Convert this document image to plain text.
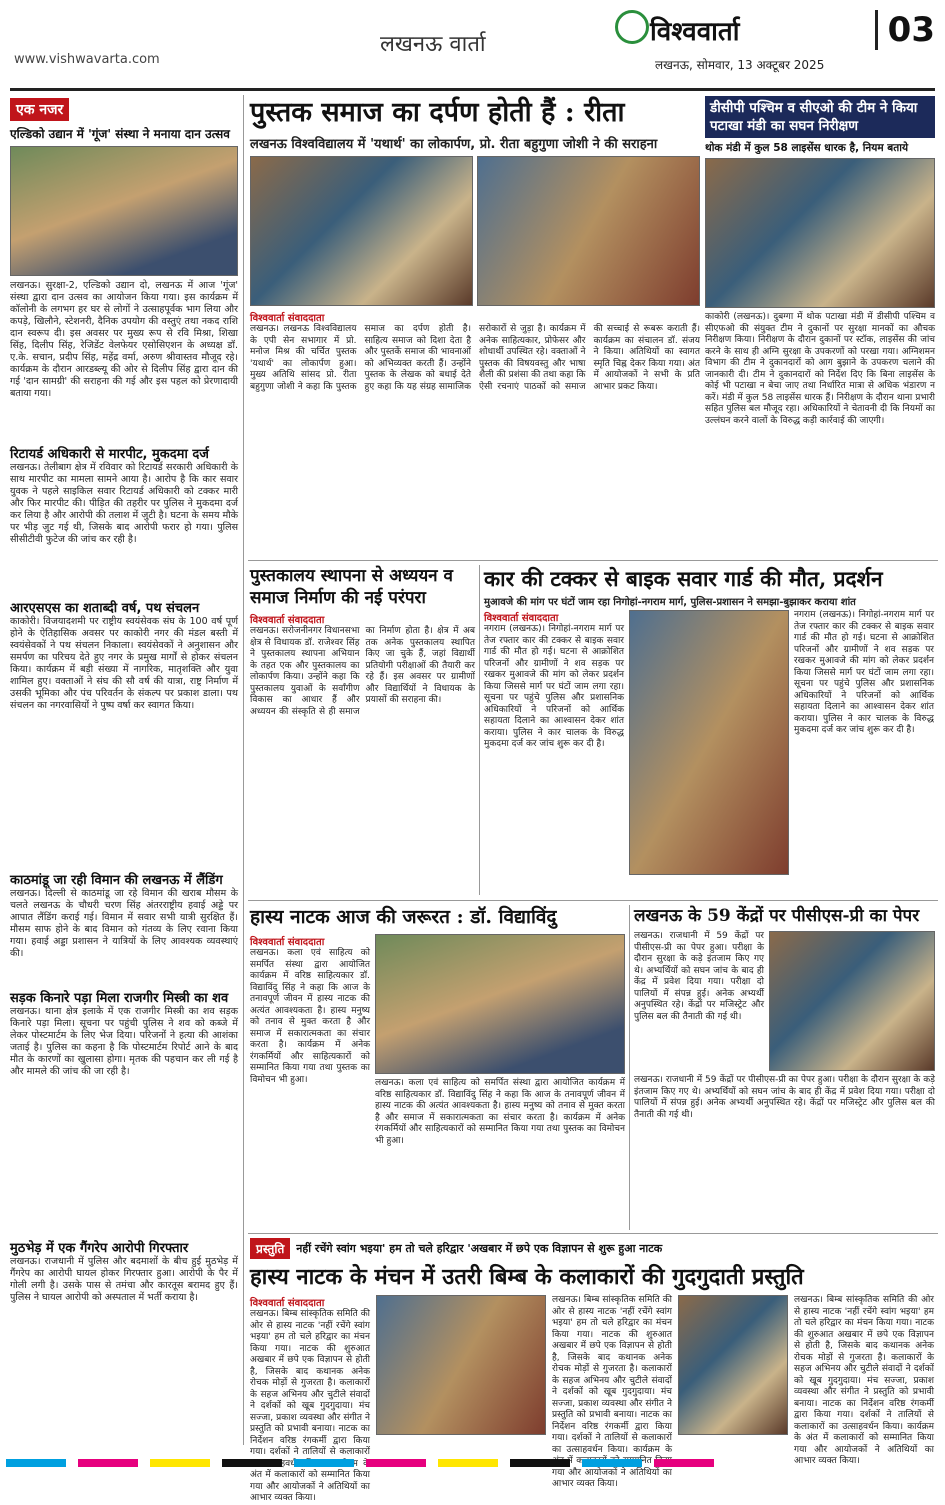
लखनऊ वार्ता
www.vishwavarta.com
विश्ववार्ता
लखनऊ, सोमवार, 13 अक्टूबर 2025
03
एक नजर
एल्डिको उद्यान में 'गूंज' संस्था ने मनाया दान उत्सव
लखनऊ। सुरक्षा-2, एल्डिको उद्यान दो, लखनऊ में आज 'गूंज' संस्था द्वारा दान उत्सव का आयोजन किया गया। इस कार्यक्रम में कॉलोनी के लगभग हर घर से लोगों ने उत्साहपूर्वक भाग लिया और कपड़े, खिलौने, स्टेशनरी, दैनिक उपयोग की वस्तुएं तथा नकद राशि दान स्वरूप दी। इस अवसर पर मुख्य रूप से रवि मिश्रा, शिखा सिंह, दिलीप सिंह, रेजिडेंट वेलफेयर एसोसिएशन के अध्यक्ष डॉ. ए.के. सचान, प्रदीप सिंह, महेंद्र वर्मा, अरुण श्रीवास्तव मौजूद रहे। कार्यक्रम के दौरान आरडब्ल्यू की ओर से दिलीप सिंह द्वारा दान की गई 'दान सामग्री' की सराहना की गई और इस पहल को प्रेरणादायी बताया गया।
रिटायर्ड अधिकारी से मारपीट, मुकदमा दर्ज
लखनऊ। तेलीबाग क्षेत्र में रविवार को रिटायर्ड सरकारी अधिकारी के साथ मारपीट का मामला सामने आया है। आरोप है कि कार सवार युवक ने पहले साइकिल सवार रिटायर्ड अधिकारी को टक्कर मारी और फिर मारपीट की। पीड़ित की तहरीर पर पुलिस ने मुकदमा दर्ज कर लिया है और आरोपी की तलाश में जुटी है। घटना के समय मौके पर भीड़ जुट गई थी, जिसके बाद आरोपी फरार हो गया। पुलिस सीसीटीवी फुटेज की जांच कर रही है।
आरएसएस का शताब्दी वर्ष, पथ संचलन
काकोरी। विजयादशमी पर राष्ट्रीय स्वयंसेवक संघ के 100 वर्ष पूर्ण होने के ऐतिहासिक अवसर पर काकोरी नगर की मंडल बस्ती में स्वयंसेवकों ने पथ संचलन निकाला। स्वयंसेवकों ने अनुशासन और समर्पण का परिचय देते हुए नगर के प्रमुख मार्गों से होकर संचलन किया। कार्यक्रम में बड़ी संख्या में नागरिक, मातृशक्ति और युवा शामिल हुए। वक्ताओं ने संघ की सौ वर्ष की यात्रा, राष्ट्र निर्माण में उसकी भूमिका और पंच परिवर्तन के संकल्प पर प्रकाश डाला। पथ संचलन का नगरवासियों ने पुष्प वर्षा कर स्वागत किया।
काठमांडू जा रही विमान की लखनऊ में लैंडिंग
लखनऊ। दिल्ली से काठमांडू जा रहे विमान की खराब मौसम के चलते लखनऊ के चौधरी चरण सिंह अंतरराष्ट्रीय हवाई अड्डे पर आपात लैंडिंग कराई गई। विमान में सवार सभी यात्री सुरक्षित हैं। मौसम साफ होने के बाद विमान को गंतव्य के लिए रवाना किया गया। हवाई अड्डा प्रशासन ने यात्रियों के लिए आवश्यक व्यवस्थाएं की।
सड़क किनारे पड़ा मिला राजगीर मिस्त्री का शव
लखनऊ। थाना क्षेत्र इलाके में एक राजगीर मिस्त्री का शव सड़क किनारे पड़ा मिला। सूचना पर पहुंची पुलिस ने शव को कब्जे में लेकर पोस्टमार्टम के लिए भेज दिया। परिजनों ने हत्या की आशंका जताई है। पुलिस का कहना है कि पोस्टमार्टम रिपोर्ट आने के बाद मौत के कारणों का खुलासा होगा। मृतक की पहचान कर ली गई है और मामले की जांच की जा रही है।
मुठभेड़ में एक गैंगरेप आरोपी गिरफ्तार
लखनऊ। राजधानी में पुलिस और बदमाशों के बीच हुई मुठभेड़ में गैंगरेप का आरोपी घायल होकर गिरफ्तार हुआ। आरोपी के पैर में गोली लगी है। उसके पास से तमंचा और कारतूस बरामद हुए हैं। पुलिस ने घायल आरोपी को अस्पताल में भर्ती कराया है।
पुस्तक समाज का दर्पण होती हैं : रीता
लखनऊ विश्वविद्यालय में 'यथार्थ' का लोकार्पण, प्रो. रीता बहुगुणा जोशी ने की सराहना
विश्ववार्ता संवाददाता
लखनऊ। लखनऊ विश्वविद्यालय के एपी सेन सभागार में प्रो. मनोज मिश्र की चर्चित पुस्तक 'यथार्थ' का लोकार्पण हुआ। मुख्य अतिथि सांसद प्रो. रीता बहुगुणा जोशी ने कहा कि पुस्तक समाज का दर्पण होती है। साहित्य समाज को दिशा देता है और पुस्तकें समाज की भावनाओं को अभिव्यक्त करती हैं। उन्होंने पुस्तक के लेखक को बधाई देते हुए कहा कि यह संग्रह सामाजिक सरोकारों से जुड़ा है। कार्यक्रम में अनेक साहित्यकार, प्रोफेसर और शोधार्थी उपस्थित रहे। वक्ताओं ने पुस्तक की विषयवस्तु और भाषा शैली की प्रशंसा की तथा कहा कि ऐसी रचनाएं पाठकों को समाज की सच्चाई से रूबरू कराती हैं। कार्यक्रम का संचालन डॉ. संजय ने किया। अतिथियों का स्वागत स्मृति चिह्न देकर किया गया। अंत में आयोजकों ने सभी के प्रति आभार प्रकट किया।
डीसीपी पश्चिम व सीएओ की टीम ने किया पटाखा मंडी का सघन निरीक्षण
थोक मंडी में कुल 58 लाइसेंस धारक है, नियम बताये
काकोरी (लखनऊ)। दुबग्गा में थोक पटाखा मंडी में डीसीपी पश्चिम व सीएफओ की संयुक्त टीम ने दुकानों पर सुरक्षा मानकों का औचक निरीक्षण किया। निरीक्षण के दौरान दुकानों पर स्टॉक, लाइसेंस की जांच करने के साथ ही अग्नि सुरक्षा के उपकरणों को परखा गया। अग्निशमन विभाग की टीम ने दुकानदारों को आग बुझाने के उपकरण चलाने की जानकारी दी। टीम ने दुकानदारों को निर्देश दिए कि बिना लाइसेंस के कोई भी पटाखा न बेचा जाए तथा निर्धारित मात्रा से अधिक भंडारण न करें। मंडी में कुल 58 लाइसेंस धारक हैं। निरीक्षण के दौरान थाना प्रभारी सहित पुलिस बल मौजूद रहा। अधिकारियों ने चेतावनी दी कि नियमों का उल्लंघन करने वालों के विरुद्ध कड़ी कार्रवाई की जाएगी।
पुस्तकालय स्थापना से अध्ययन व समाज निर्माण की नई परंपरा
विश्ववार्ता संवाददाता
लखनऊ। सरोजनीनगर विधानसभा क्षेत्र से विधायक डॉ. राजेश्वर सिंह ने पुस्तकालय स्थापना अभियान के तहत एक और पुस्तकालय का लोकार्पण किया। उन्होंने कहा कि पुस्तकालय युवाओं के सर्वांगीण विकास का आधार हैं और अध्ययन की संस्कृति से ही समाज का निर्माण होता है। क्षेत्र में अब तक अनेक पुस्तकालय स्थापित किए जा चुके हैं, जहां विद्यार्थी प्रतियोगी परीक्षाओं की तैयारी कर रहे हैं। इस अवसर पर ग्रामीणों और विद्यार्थियों ने विधायक के प्रयासों की सराहना की।
कार की टक्कर से बाइक सवार गार्ड की मौत, प्रदर्शन
मुआवजे की मांग पर घंटों जाम रहा निगोहां-नगराम मार्ग, पुलिस-प्रशासन ने समझा-बुझाकर कराया शांत
विश्ववार्ता संवाददाता
नगराम (लखनऊ)। निगोहां-नगराम मार्ग पर तेज रफ्तार कार की टक्कर से बाइक सवार गार्ड की मौत हो गई। घटना से आक्रोशित परिजनों और ग्रामीणों ने शव सड़क पर रखकर मुआवजे की मांग को लेकर प्रदर्शन किया जिससे मार्ग पर घंटों जाम लगा रहा। सूचना पर पहुंचे पुलिस और प्रशासनिक अधिकारियों ने परिजनों को आर्थिक सहायता दिलाने का आश्वासन देकर शांत कराया। पुलिस ने कार चालक के विरुद्ध मुकदमा दर्ज कर जांच शुरू कर दी है।
नगराम (लखनऊ)। निगोहां-नगराम मार्ग पर तेज रफ्तार कार की टक्कर से बाइक सवार गार्ड की मौत हो गई। घटना से आक्रोशित परिजनों और ग्रामीणों ने शव सड़क पर रखकर मुआवजे की मांग को लेकर प्रदर्शन किया जिससे मार्ग पर घंटों जाम लगा रहा। सूचना पर पहुंचे पुलिस और प्रशासनिक अधिकारियों ने परिजनों को आर्थिक सहायता दिलाने का आश्वासन देकर शांत कराया। पुलिस ने कार चालक के विरुद्ध मुकदमा दर्ज कर जांच शुरू कर दी है।
हास्य नाटक आज की जरूरत : डॉ. विद्याविंदु
विश्ववार्ता संवाददाता
लखनऊ। कला एवं साहित्य को समर्पित संस्था द्वारा आयोजित कार्यक्रम में वरिष्ठ साहित्यकार डॉ. विद्याविंदु सिंह ने कहा कि आज के तनावपूर्ण जीवन में हास्य नाटक की अत्यंत आवश्यकता है। हास्य मनुष्य को तनाव से मुक्त करता है और समाज में सकारात्मकता का संचार करता है। कार्यक्रम में अनेक रंगकर्मियों और साहित्यकारों को सम्मानित किया गया तथा पुस्तक का विमोचन भी हुआ।	लखनऊ। कला एवं साहित्य को समर्पित संस्था द्वारा आयोजित कार्यक्रम में वरिष्ठ साहित्यकार डॉ. विद्याविंदु सिंह ने कहा कि आज के तनावपूर्ण जीवन में हास्य नाटक की अत्यंत आवश्यकता है। हास्य मनुष्य को तनाव से मुक्त करता है और समाज में सकारात्मकता का संचार करता है। कार्यक्रम में अनेक रंगकर्मियों और साहित्यकारों को सम्मानित किया गया तथा पुस्तक का विमोचन भी हुआ।
लखनऊ के 59 केंद्रों पर पीसीएस-प्री का पेपर
लखनऊ। राजधानी में 59 केंद्रों पर पीसीएस-प्री का पेपर हुआ। परीक्षा के दौरान सुरक्षा के कड़े इंतजाम किए गए थे। अभ्यर्थियों को सघन जांच के बाद ही केंद्र में प्रवेश दिया गया। परीक्षा दो पालियों में संपन्न हुई। अनेक अभ्यर्थी अनुपस्थित रहे। केंद्रों पर मजिस्ट्रेट और पुलिस बल की तैनाती की गई थी।
लखनऊ। राजधानी में 59 केंद्रों पर पीसीएस-प्री का पेपर हुआ। परीक्षा के दौरान सुरक्षा के कड़े इंतजाम किए गए थे। अभ्यर्थियों को सघन जांच के बाद ही केंद्र में प्रवेश दिया गया। परीक्षा दो पालियों में संपन्न हुई। अनेक अभ्यर्थी अनुपस्थित रहे। केंद्रों पर मजिस्ट्रेट और पुलिस बल की तैनाती की गई थी।
प्रस्तुति	नहीं रचेंगे स्वांग भइया' हम तो चले हरिद्वार 'अखबार में छपे एक विज्ञापन से शुरू हुआ नाटक
हास्य नाटक के मंचन में उतरी बिम्ब के कलाकारों की गुदगुदाती प्रस्तुति
विश्ववार्ता संवाददाता
लखनऊ। बिम्ब सांस्कृतिक समिति की ओर से हास्य नाटक 'नहीं रचेंगे स्वांग भइया' हम तो चले हरिद्वार का मंचन किया गया। नाटक की शुरुआत अखबार में छपे एक विज्ञापन से होती है, जिसके बाद कथानक अनेक रोचक मोड़ों से गुजरता है। कलाकारों के सहज अभिनय और चुटीले संवादों ने दर्शकों को खूब गुदगुदाया। मंच सज्जा, प्रकाश व्यवस्था और संगीत ने प्रस्तुति को प्रभावी बनाया। नाटक का निर्देशन वरिष्ठ रंगकर्मी द्वारा किया गया। दर्शकों ने तालियों से कलाकारों उत्साहवर्धन अंत में कलाकारों को सम्मानित किया गया और आयोजकों ने अतिथियों का आभार व्यक्त किया।
लखनऊ। बिम्ब सांस्कृतिक समिति की ओर से हास्य नाटक 'नहीं रचेंगे स्वांग भइया' हम तो चले हरिद्वार का मंचन किया गया। नाटक की शुरुआत अखबार में छपे एक विज्ञापन से होती है, जिसके बाद कथानक अनेक रोचक मोड़ों से गुजरता है। कलाकारों के सहज अभिनय और चुटीले संवादों ने दर्शकों को खूब गुदगुदाया। मंच सज्जा, प्रकाश व्यवस्था और संगीत ने प्रस्तुति को प्रभावी बनाया। नाटक का निर्देशन वरिष्ठ रंगकर्मी द्वारा किया गया। दर्शकों ने तालियों से कलाकारों का उत्साहवर्धन किया। कार्यक्रम के में गया और आयोजकों ने अतिथियों का आभार व्यक्त किया।
लखनऊ। बिम्ब सांस्कृतिक समिति की ओर से हास्य नाटक 'नहीं रचेंगे स्वांग भइया' हम तो चले हरिद्वार का मंचन किया गया। नाटक की शुरुआत अखबार में छपे एक विज्ञापन से होती है, जिसके बाद कथानक अनेक रोचक मोड़ों से गुजरता है। कलाकारों के सहज अभिनय और चुटीले संवादों ने दर्शकों को खूब गुदगुदाया। मंच सज्जा, प्रकाश व्यवस्था और संगीत ने प्रस्तुति को प्रभावी बनाया। नाटक का निर्देशन वरिष्ठ रंगकर्मी द्वारा किया गया। दर्शकों ने तालियों से कलाकारों का उत्साहवर्धन किया। कार्यक्रम के अंत में कलाकारों को सम्मानित किया गया और आयोजकों ने अतिथियों का आभार व्यक्त किया।
